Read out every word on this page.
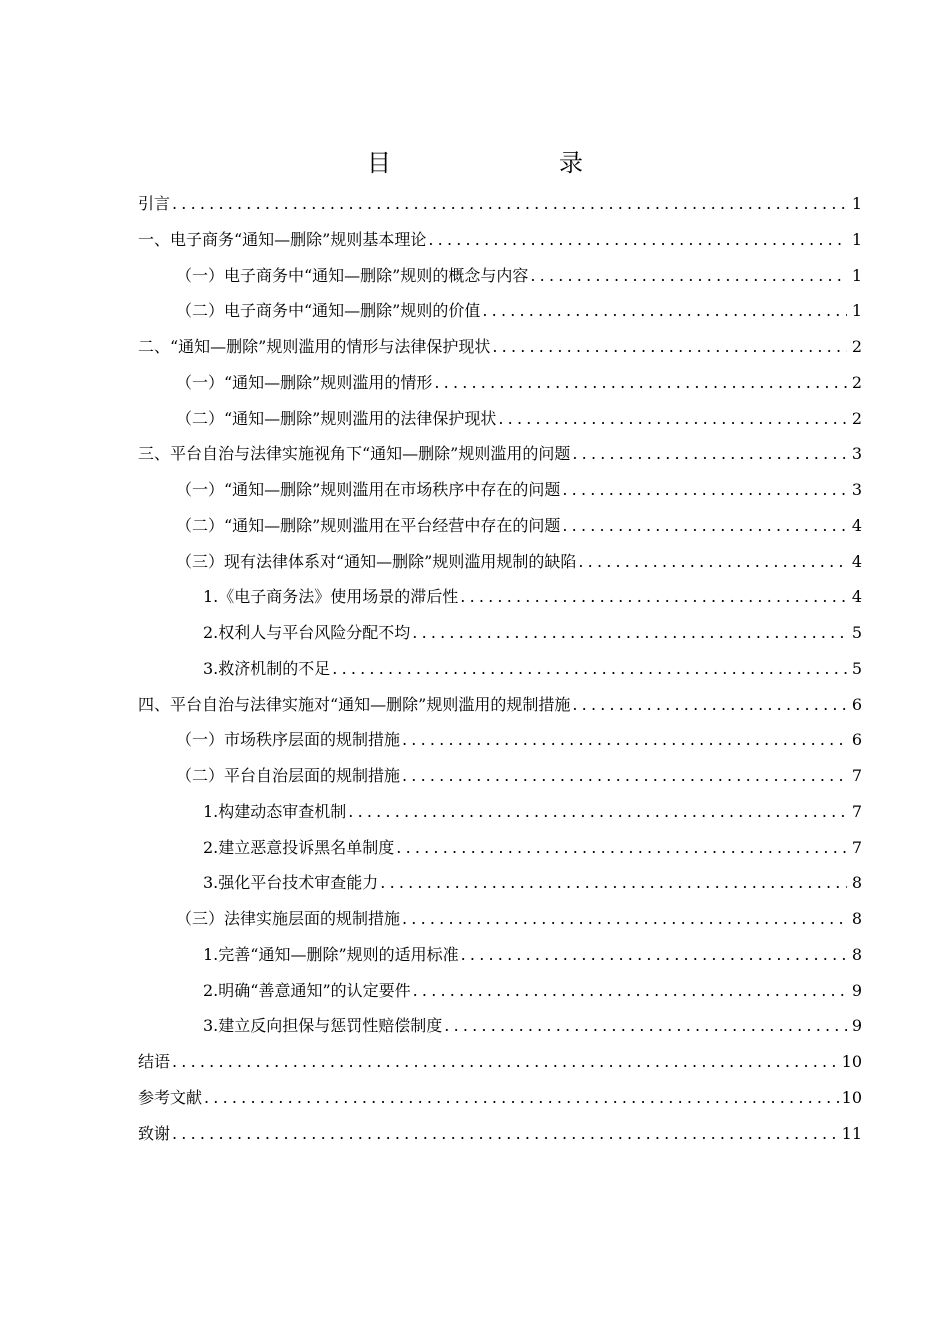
目　　录
引言 .....	1
一、电子商务“通知—删除”规则基本理论 .....	1
（一）电子商务中“通知—删除”规则的概念与内容 .....	1
（二）电子商务中“通知—删除”规则的价值 .....	1
二、“通知—删除”规则滥用的情形与法律保护现状 .....	2
（一）“通知—删除”规则滥用的情形 .....	2
（二）“通知—删除”规则滥用的法律保护现状 .....	2
三、平台自治与法律实施视角下“通知—删除”规则滥用的问题 .....	3
（一）“通知—删除”规则滥用在市场秩序中存在的问题 .....	3
（二）“通知—删除”规则滥用在平台经营中存在的问题 .....	4
（三）现有法律体系对“通知—删除”规则滥用规制的缺陷 .....	4
1.《电子商务法》使用场景的滞后性 .....	4
2.权利人与平台风险分配不均 .....	5
3.救济机制的不足 .....	5
四、平台自治与法律实施对“通知—删除”规则滥用的规制措施 .....	6
（一）市场秩序层面的规制措施 .....	6
（二）平台自治层面的规制措施 .....	7
1.构建动态审查机制 .....	7
2.建立恶意投诉黑名单制度 .....	7
3.强化平台技术审查能力 .....	8
（三）法律实施层面的规制措施 .....	8
1.完善“通知—删除”规则的适用标准 .....	8
2.明确“善意通知”的认定要件 .....	9
3.建立反向担保与惩罚性赔偿制度 .....	9
结语 .....	10
参考文献 .....	10
致谢 .....	11
